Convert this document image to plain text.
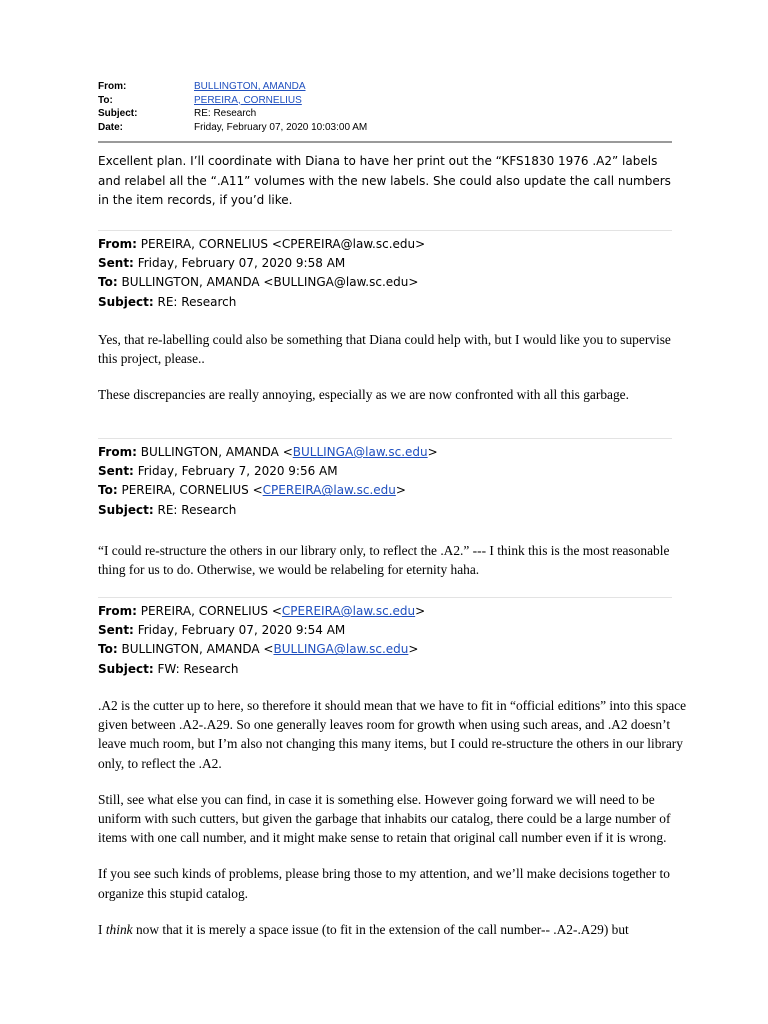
From:	BULLINGTON, AMANDA
To:	PEREIRA, CORNELIUS
Subject:	RE: Research
Date:	Friday, February 07, 2020 10:03:00 AM
Excellent plan. I’ll coordinate with Diana to have her print out the “KFS1830 1976 .A2” labels and relabel all the “.A11” volumes with the new labels. She could also update the call numbers in the item records, if you’d like.
From: PEREIRA, CORNELIUS <CPEREIRA@law.sc.edu>
Sent: Friday, February 07, 2020 9:58 AM
To: BULLINGTON, AMANDA <BULLINGA@law.sc.edu>
Subject: RE: Research

Yes, that re-labelling could also be something that Diana could help with, but I would like you to supervise this project, please..

These discrepancies are really annoying, especially as we are now confronted with all this garbage.

From: BULLINGTON, AMANDA <BULLINGA@law.sc.edu>
Sent: Friday, February 7, 2020 9:56 AM
To: PEREIRA, CORNELIUS <CPEREIRA@law.sc.edu>
Subject: RE: Research

“I could re-structure the others in our library only, to reflect the .A2.” --- I think this is the most reasonable thing for us to do. Otherwise, we would be relabeling for eternity haha.

From: PEREIRA, CORNELIUS <CPEREIRA@law.sc.edu>
Sent: Friday, February 07, 2020 9:54 AM
To: BULLINGTON, AMANDA <BULLINGA@law.sc.edu>
Subject: FW: Research

.A2 is the cutter up to here, so therefore it should mean that we have to fit in “official editions” into this space given between .A2-.A29. So one generally leaves room for growth when using such areas, and .A2 doesn’t leave much room, but I’m also not changing this many items, but I could re-structure the others in our library only, to reflect the .A2.

Still, see what else you can find, in case it is something else. However going forward we will need to be uniform with such cutters, but given the garbage that inhabits our catalog, there could be a large number of items with one call number, and it might make sense to retain that original call number even if it is wrong.

If you see such kinds of problems, please bring those to my attention, and we’ll make decisions together to organize this stupid catalog.

I think now that it is merely a space issue (to fit in the extension of the call number-- .A2-.A29) but
